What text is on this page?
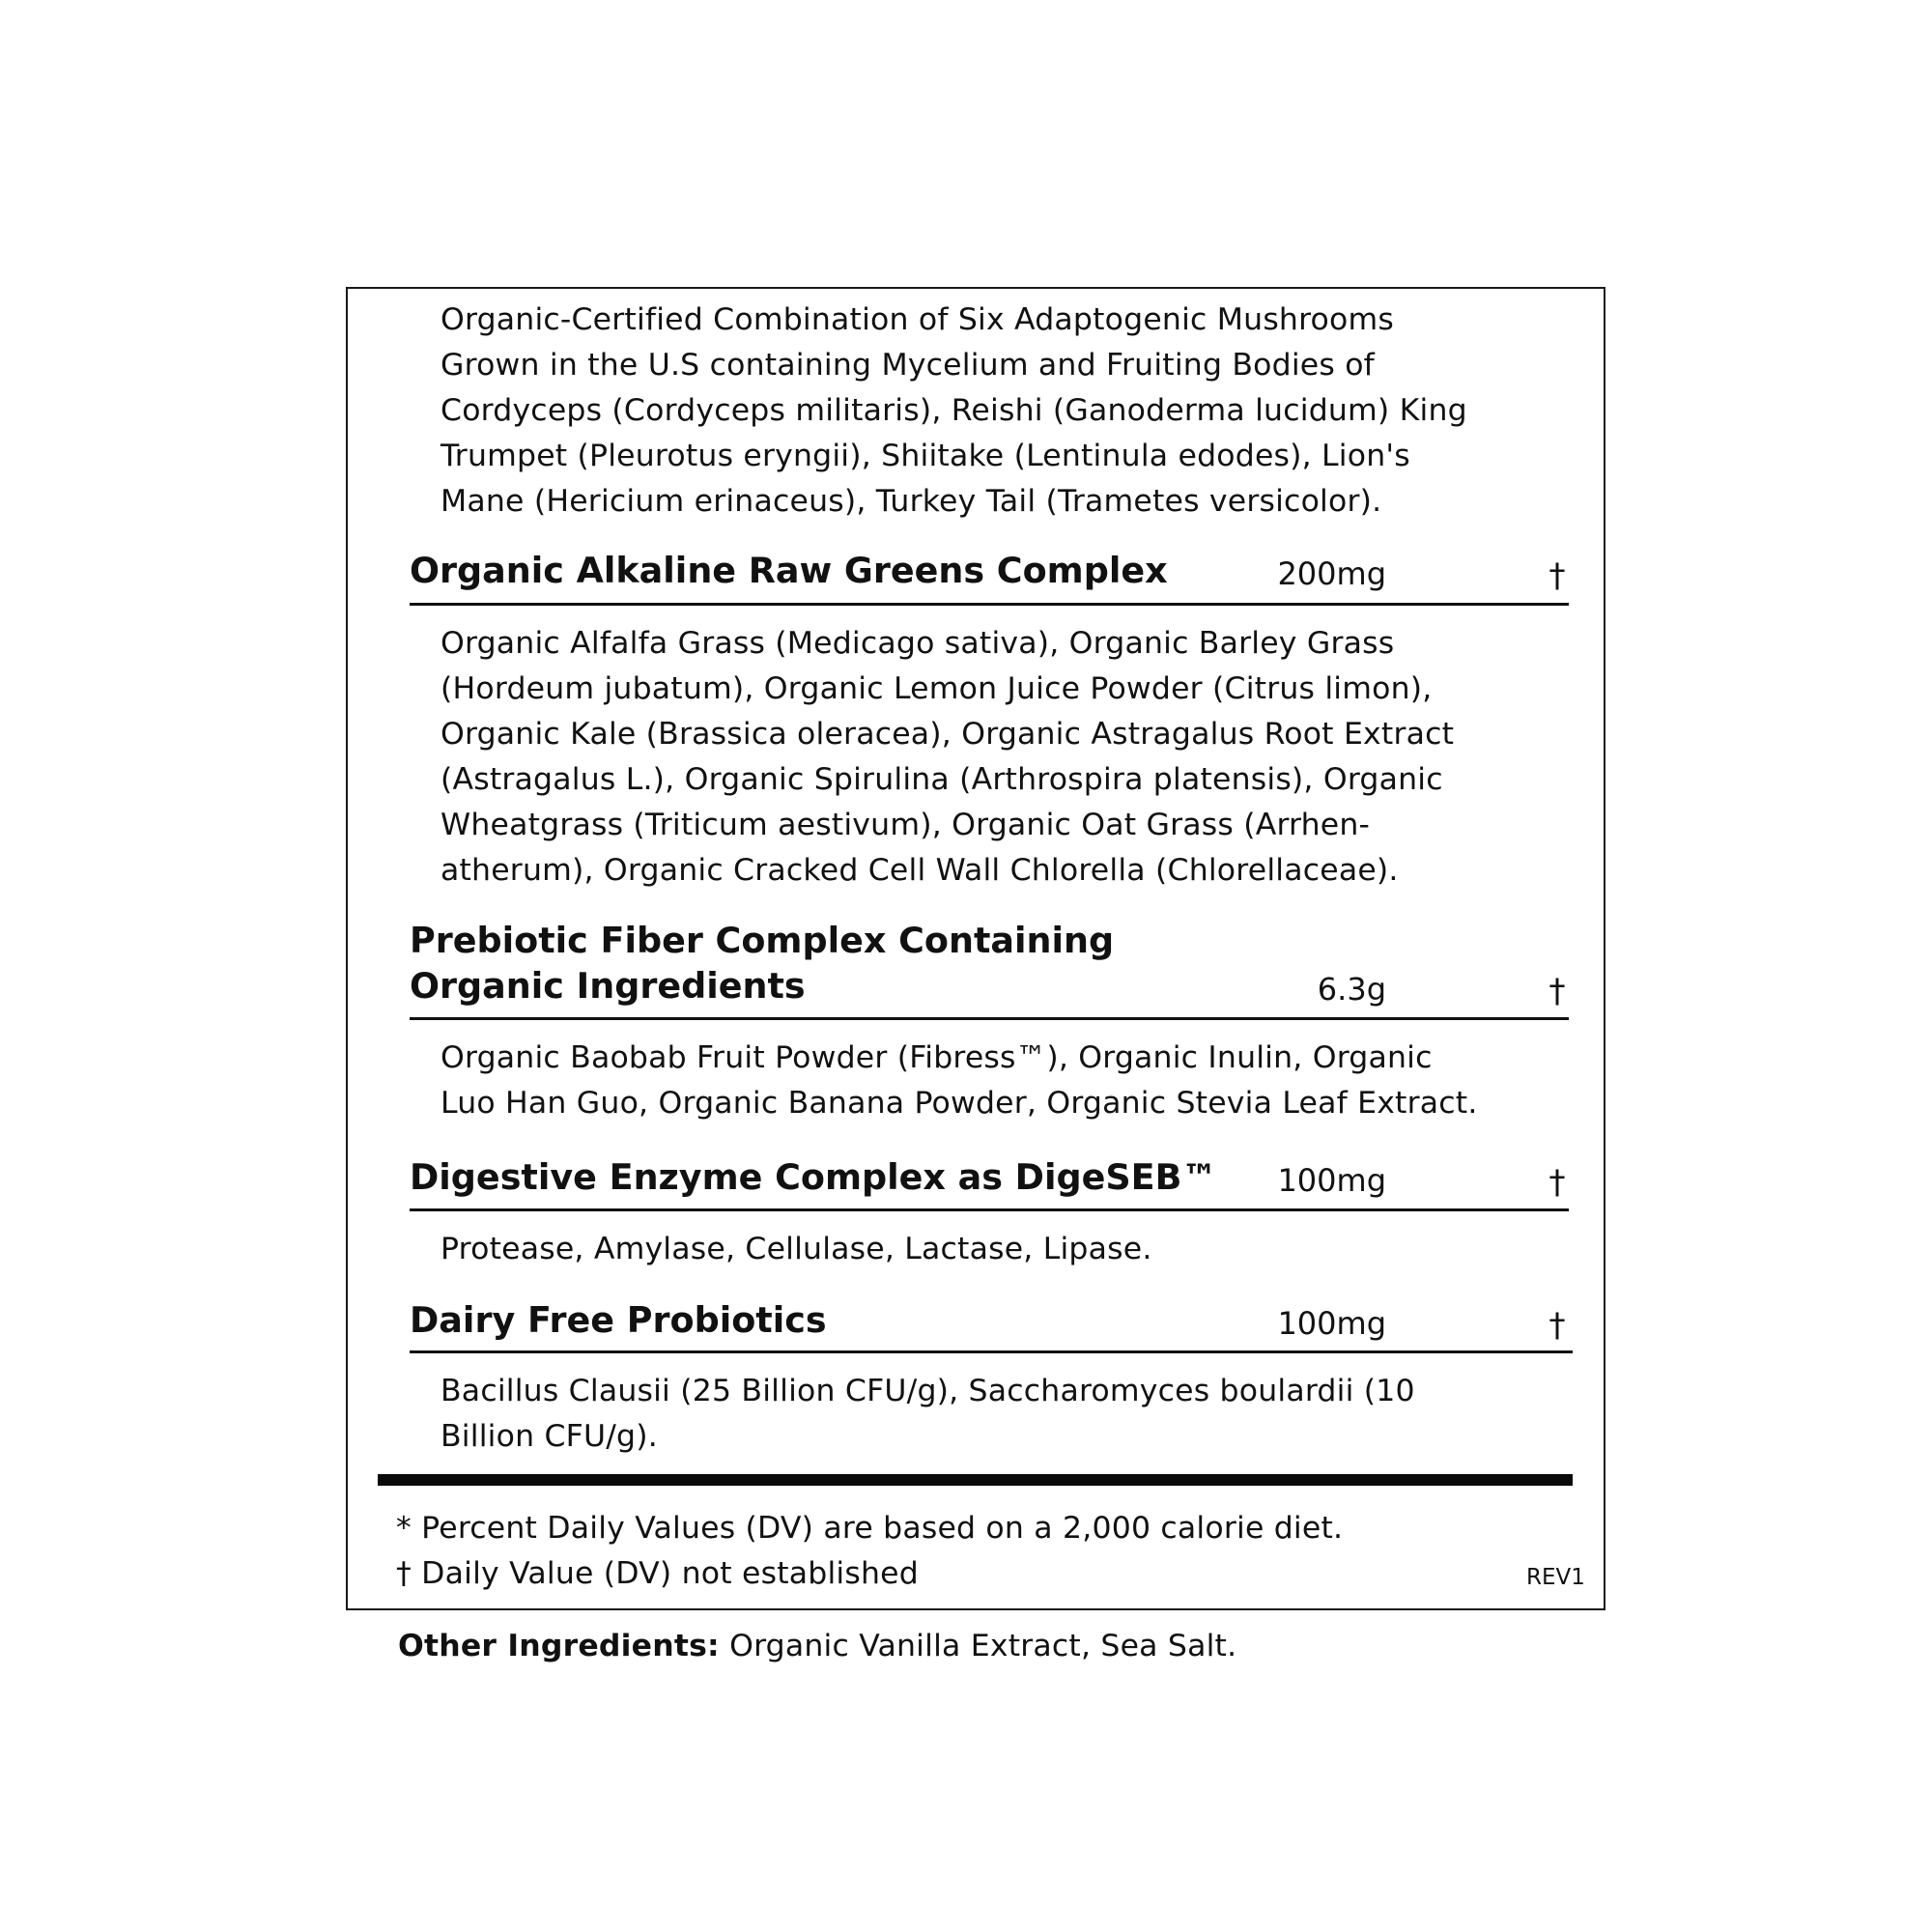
Organic-Certified Combination of Six Adaptogenic Mushrooms
Grown in the U.S containing Mycelium and Fruiting Bodies of
Cordyceps (Cordyceps militaris), Reishi (Ganoderma lucidum) King
Trumpet (Pleurotus eryngii), Shiitake (Lentinula edodes), Lion's
Mane (Hericium erinaceus), Turkey Tail (Trametes versicolor).
Organic Alkaline Raw Greens Complex	200mg	†
Organic Alfalfa Grass (Medicago sativa), Organic Barley Grass
(Hordeum jubatum), Organic Lemon Juice Powder (Citrus limon),
Organic Kale (Brassica oleracea), Organic Astragalus Root Extract
(Astragalus L.), Organic Spirulina (Arthrospira platensis), Organic
Wheatgrass (Triticum aestivum), Organic Oat Grass (Arrhen-
atherum), Organic Cracked Cell Wall Chlorella (Chlorellaceae).
Prebiotic Fiber Complex Containing
Organic Ingredients	6.3g	†
Organic Baobab Fruit Powder (Fibress™), Organic Inulin, Organic
Luo Han Guo, Organic Banana Powder, Organic Stevia Leaf Extract.
Digestive Enzyme Complex as DigeSEB™	100mg	†
Protease, Amylase, Cellulase, Lactase, Lipase.
Dairy Free Probiotics	100mg	†
Bacillus Clausii (25 Billion CFU/g), Saccharomyces boulardii (10
Billion CFU/g).
* Percent Daily Values (DV) are based on a 2,000 calorie diet.
† Daily Value (DV) not established	REV1
Other Ingredients: Organic Vanilla Extract, Sea Salt.
